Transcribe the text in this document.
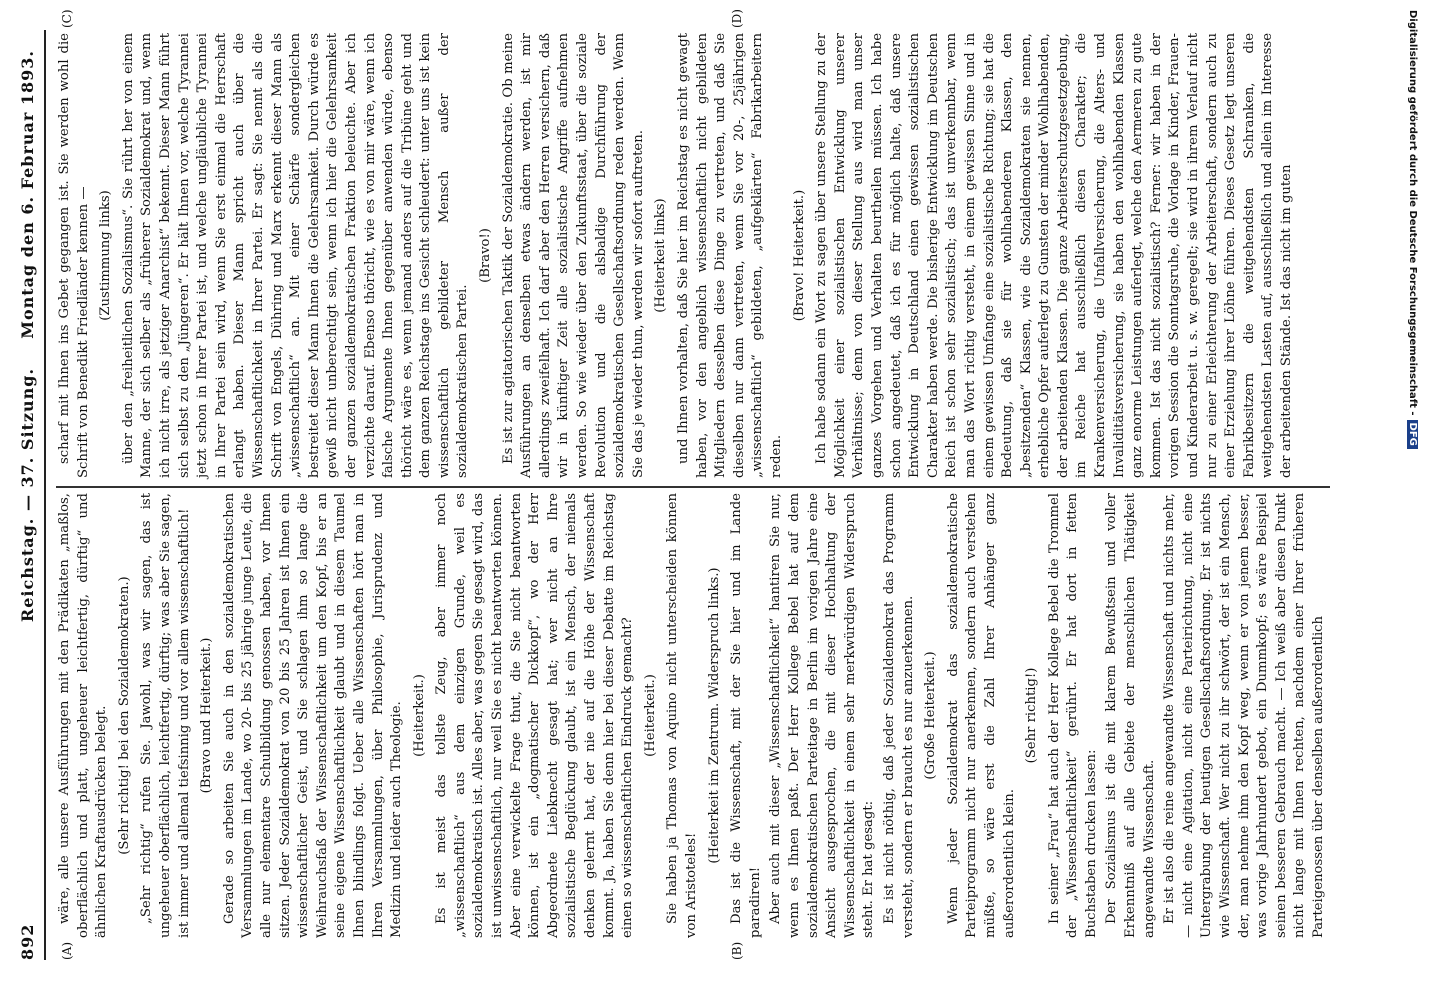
892
Reichstag. — 37. Sitzung.
Montag den 6. Februar 1893.
(A)	(B)
(C)	(D)

wäre, alle unsere Ausführungen mit den Prädikaten „maßlos, oberflächlich und platt, ungeheuer leichtfertig, dürftig“ und ähnlichen Kraftausdrücken belegt. (Sehr richtig! bei den Sozialdemokraten.) „Sehr richtig“ rufen Sie. Jawohl, was wir sagen, das ist ungeheuer oberflächlich, leichtfertig, dürftig; was aber Sie sagen, ist immer und allemal tiefsinnig und vor allem wissenschaftlich! (Bravo und Heiterkeit.) Gerade so arbeiten Sie auch in den sozialdemokratischen Versammlungen im Lande, wo 20- bis 25 jährige junge Leute, die alle nur elementare Schulbildung genossen haben, vor Ihnen sitzen. Jeder Sozialdemokrat von 20 bis 25 Jahren ist Ihnen ein wissenschaftlicher Geist, und Sie schlagen ihm so lange die Weihrauchsfaß der Wissenschaftlichkeit um den Kopf, bis er an seine eigene Wissenschaftlichkeit glaubt und in diesem Taumel Ihnen blindlings folgt. Ueber alle Wissenschaften hört man in Ihren Versammlungen, über Philosophie, Jurisprudenz und Medizin und leider auch Theologie. (Heiterkeit.) Es ist meist das tollste Zeug, aber immer noch „wissenschaftlich“ aus dem einzigen Grunde, weil es sozialdemokratisch ist. Alles aber, was gegen Sie gesagt wird, das ist unwissenschaftlich, nur weil Sie es nicht beantworten können. Aber eine verwickelte Frage thut, die Sie nicht beantworten können, ist ein „dogmatischer Dickkopf“, wo der Herr Abgeordnete Liebknecht gesagt hat; wer nicht an Ihre sozialistische Beglückung glaubt, ist ein Mensch, der niemals denken gelernt hat, der nie auf die Höhe der Wissenschaft kommt. Ja, haben Sie denn hier bei dieser Debatte im Reichstag einen so wissenschaftlichen Eindruck gemacht? (Heiterkeit.) Sie haben ja Thomas von Aquino nicht unterscheiden können von Aristoteles!

(Heiterkeit im Zentrum. Widerspruch links.) Das ist die Wissenschaft, mit der Sie hier und im Lande paradiren! Aber auch mit dieser „Wissenschaftlichkeit“ hantiren Sie nur, wenn es Ihnen paßt. Der Herr Kollege Bebel hat auf dem sozialdemokratischen Parteitage in Berlin im vorigen Jahre eine Ansicht ausgesprochen, die mit dieser Hochhaltung der Wissenschaftlichkeit in einem sehr merkwürdigen Widerspruch steht. Er hat gesagt: Es ist nicht nöthig, daß jeder Sozialdemokrat das Programm versteht, sondern er braucht es nur anzuerkennen. (Große Heiterkeit.) Wenn jeder Sozialdemokrat das sozialdemokratische Parteiprogramm nicht nur anerkennen, sondern auch verstehen müßte, so wäre erst die Zahl Ihrer Anhänger ganz außerordentlich klein.

(Sehr richtig!) In seiner „Frau“ hat auch der Herr Kollege Bebel die Trommel der „Wissenschaftlichkeit“ gerührt. Er hat dort in fetten Buchstaben drucken lassen: Der Sozialismus ist die mit klarem Bewußtsein und voller Erkenntniß auf alle Gebiete der menschlichen Thätigkeit angewandte Wissenschaft. Er ist also die reine angewandte Wissenschaft und nichts mehr, — nicht eine Agitation, nicht eine Parteirichtung, nicht eine Untergrabung der heutigen Gesellschaftsordnung. Er ist nichts wie Wissenschaft. Wer nicht zu ihr schwört, der ist ein Mensch, der, man nehme ihm den Kopf weg, wenn er von jenem besser, was vorige Jahrhundert gebot, ein Dummkopf; es wäre Beispiel seinen besseren Gebrauch macht. — Ich weiß aber diesen Punkt nicht lange mit Ihnen rechten, nachdem einer Ihrer früheren Parteigenossen über denselben außerordentlich

scharf mit Ihnen ins Gebet gegangen ist. Sie werden wohl die Schrift von Benedikt Friedländer kennen — (Zustimmung links) über den „freiheitlichen Sozialismus“. Sie rührt her von einem Manne, der sich selber als „früherer Sozialdemokrat und, wenn ich nicht irre, als jetziger Anarchist“ bekennt. Dieser Mann führt sich selbst zu den „Jüngeren“. Er hält Ihnen vor, welche Tyrannei jetzt schon in Ihrer Partei ist, und welche ungläubliche Tyrannei in Ihrer Partei sein wird, wenn Sie erst einmal die Herrschaft erlangt haben. Dieser Mann spricht auch über die Wissenschaftlichkeit in Ihrer Partei. Er sagt: Sie nennt als die Schrift von Engels, Dühring und Marx erkennt dieser Mann als „wissenschaftlich“ an. Mit einer Schärfe sondergleichen bestreitet dieser Mann Ihnen die Gelehrsamkeit. Durch würde es gewiß nicht unberechtigt sein, wenn ich hier die Gelehrsamkeit der ganzen sozialdemokratischen Fraktion beleuchte. Aber ich verzichte darauf. Ebenso thöricht, wie es von mir wäre, wenn ich falsche Argumente Ihnen gegenüber anwenden würde, ebenso thöricht wäre es, wenn jemand anders auf die Tribüne geht und dem ganzen Reichstage ins Gesicht schleudert: unter uns ist kein wissenschaftlich gebildeter Mensch außer der sozialdemokratischen Partei.

(Bravo!) Es ist zur agitatorischen Taktik der Sozialdemokratie. Ob meine Ausführungen an denselben etwas ändern werden, ist mir allerdings zweifelhaft. Ich darf aber den Herren versichern, daß wir in künftiger Zeit alle sozialistische Angriffe aufnehmen werden. So wie wieder über den Zukunftsstaat, über die soziale Revolution und die alsbaldige Durchführung der sozialdemokratischen Gesellschaftsordnung reden werden. Wenn Sie das je wieder thun, werden wir sofort auftreten. (Heiterkeit links) und Ihnen vorhalten, daß Sie hier im Reichstag es nicht gewagt haben, vor den angeblich wissenschaftlich nicht gebildeten Mitgliedern desselben diese Dinge zu vertreten, und daß Sie dieselben nur dann vertreten, wenn Sie vor 20-, 25jährigen „wissenschaftlich“ gebildeten, „aufgeklärten“ Fabrikarbeitern reden.

(Bravo! Heiterkeit.) Ich habe sodann ein Wort zu sagen über unsere Stellung zu der Möglichkeit einer sozialistischen Entwicklung unserer Verhältnisse; denn von dieser Stellung aus wird man unser ganzes Vorgehen und Verhalten beurtheilen müssen. Ich habe schon angedeutet, daß ich es für möglich halte, daß unsere Entwicklung in Deutschland einen gewissen sozialistischen Charakter haben werde. Die bisherige Entwicklung im Deutschen Reich ist schon sehr sozialistisch; das ist unverkennbar, wenn man das Wort richtig versteht, in einem gewissen Sinne und in einem gewissen Umfange eine sozialistische Richtung; sie hat die Bedeutung, daß sie für wohlhabenderen Klassen, den „besitzenden“ Klassen, wie die Sozialdemokraten sie nennen, erhebliche Opfer auferlegt zu Gunsten der minder Wohlhabenden, der arbeitenden Klassen. Die ganze Arbeiterschutzgesetzgebung, im Reiche hat ausschließlich diesen Charakter; die Krankenversicherung, die Unfallversicherung, die Alters- und Invaliditätsversicherung, sie haben den wohlhabenden Klassen ganz enorme Leistungen auferlegt, welche den Aermeren zu gute kommen. Ist das nicht sozialistisch? Ferner: wir haben in der vorigen Session die Sonntagsruhe, die Vorlage in Kinder, Frauen- und Kinderarbeit u. s. w. geregelt; sie wird in ihrem Verlauf nicht nur zu einer Erleichterung der Arbeiterschaft, sondern auch zu einer Erziehung ihrer Löhne führen. Dieses Gesetz legt unseren Fabrikbesitzern die weitgehendsten Schranken, die weitgehendsten Lasten auf, ausschließlich und allein im Interesse der arbeitenden Stände. Ist das nicht im guten	Digitalisierung gefördert durch die Deutsche Forschungsgemeinschaft -DFG
